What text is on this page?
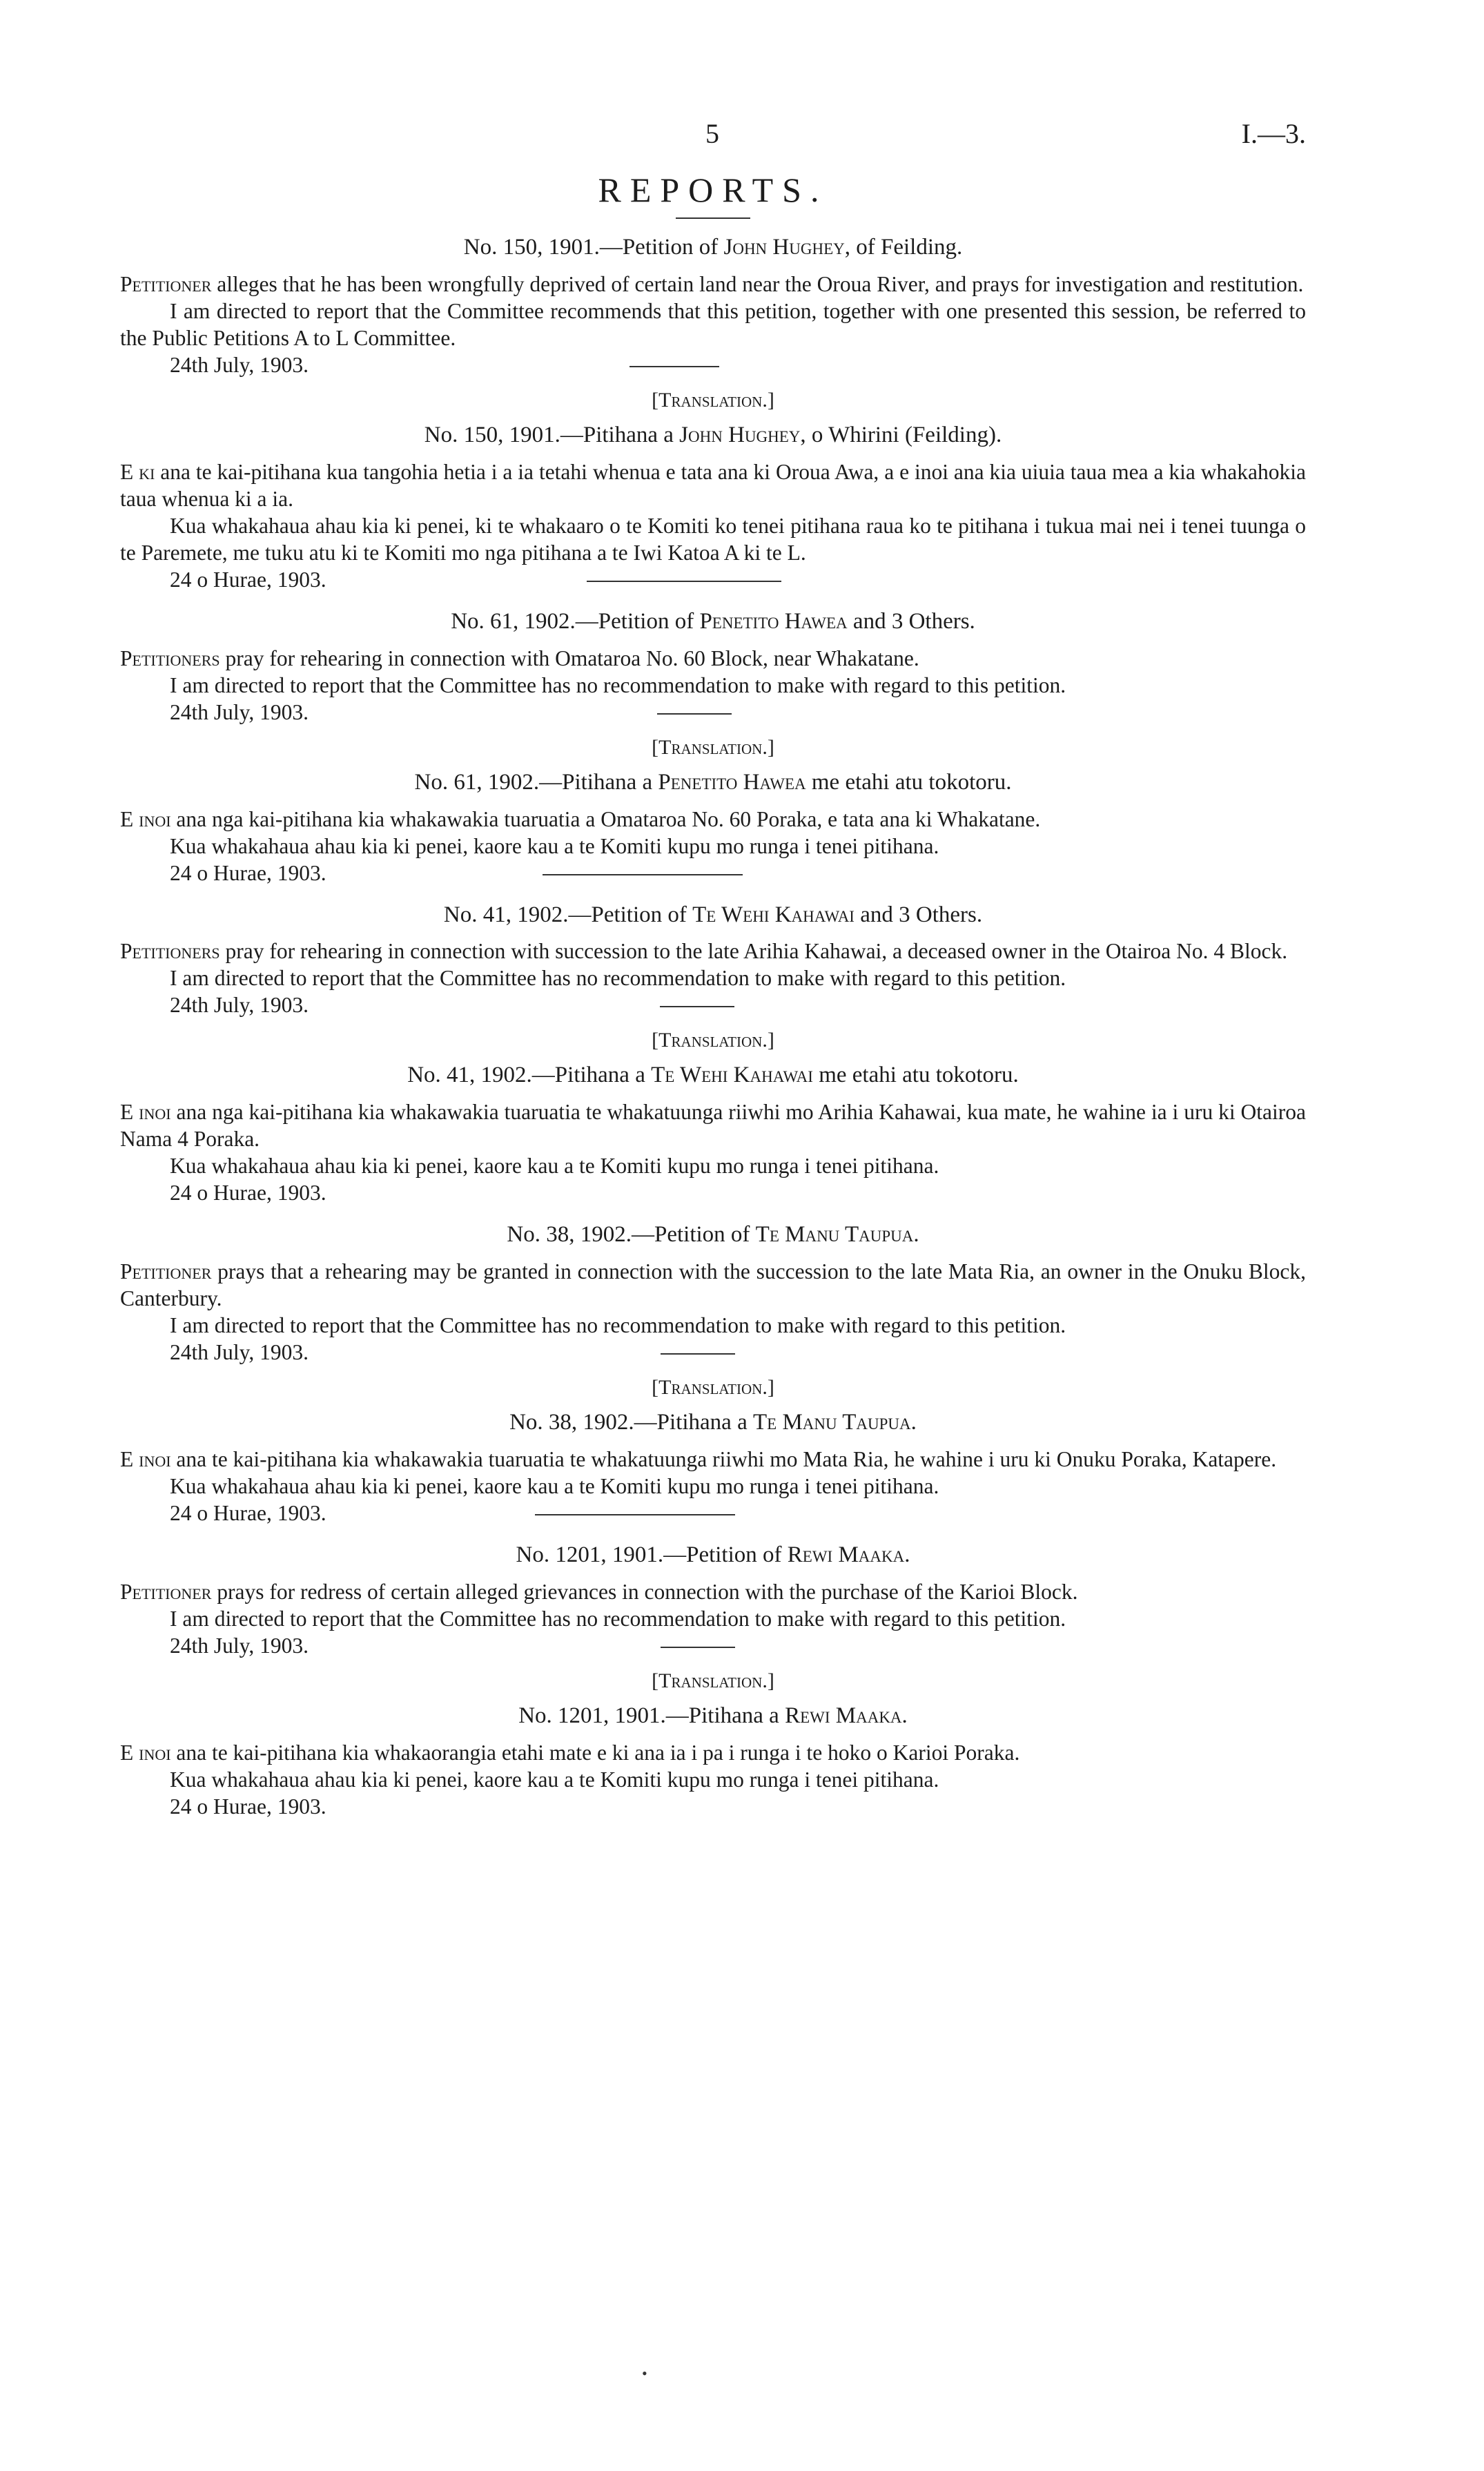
5	I.—3.
REPORTS.
No. 150, 1901.—Petition of John Hughey, of Feilding.

Petitioner alleges that he has been wrongfully deprived of certain land near the Oroua River, and prays for investigation and restitution.

I am directed to report that the Committee recommends that this petition, together with one presented this session, be referred to the Public Petitions A to L Committee.

24th July, 1903.
[Translation.]
No. 150, 1901.—Pitihana a John Hughey, o Whirini (Feilding).

E ki ana te kai-pitihana kua tangohia hetia i a ia tetahi whenua e tata ana ki Oroua Awa, a e inoi ana kia uiuia taua mea a kia whakahokia taua whenua ki a ia.

Kua whakahaua ahau kia ki penei, ki te whakaaro o te Komiti ko tenei pitihana raua ko te pitihana i tukua mai nei i tenei tuunga o te Paremete, me tuku atu ki te Komiti mo nga pitihana a te Iwi Katoa A ki te L.

24 o Hurae, 1903.
No. 61, 1902.—Petition of Penetito Hawea and 3 Others.

Petitioners pray for rehearing in connection with Omataroa No. 60 Block, near Whakatane.

I am directed to report that the Committee has no recommendation to make with regard to this petition.

24th July, 1903.
[Translation.]
No. 61, 1902.—Pitihana a Penetito Hawea me etahi atu tokotoru.

E inoi ana nga kai-pitihana kia whakawakia tuaruatia a Omataroa No. 60 Poraka, e tata ana ki Whakatane.

Kua whakahaua ahau kia ki penei, kaore kau a te Komiti kupu mo runga i tenei pitihana.

24 o Hurae, 1903.
No. 41, 1902.—Petition of Te Wehi Kahawai and 3 Others.

Petitioners pray for rehearing in connection with succession to the late Arihia Kahawai, a deceased owner in the Otairoa No. 4 Block.

I am directed to report that the Committee has no recommendation to make with regard to this petition.

24th July, 1903.
[Translation.]
No. 41, 1902.—Pitihana a Te Wehi Kahawai me etahi atu tokotoru.

E inoi ana nga kai-pitihana kia whakawakia tuaruatia te whakatuunga riiwhi mo Arihia Kahawai, kua mate, he wahine ia i uru ki Otairoa Nama 4 Poraka.

Kua whakahaua ahau kia ki penei, kaore kau a te Komiti kupu mo runga i tenei pitihana.

24 o Hurae, 1903.
No. 38, 1902.—Petition of Te Manu Taupua.

Petitioner prays that a rehearing may be granted in connection with the succession to the late Mata Ria, an owner in the Onuku Block, Canterbury.

I am directed to report that the Committee has no recommendation to make with regard to this petition.

24th July, 1903.
[Translation.]
No. 38, 1902.—Pitihana a Te Manu Taupua.

E inoi ana te kai-pitihana kia whakawakia tuaruatia te whakatuunga riiwhi mo Mata Ria, he wahine i uru ki Onuku Poraka, Katapere.

Kua whakahaua ahau kia ki penei, kaore kau a te Komiti kupu mo runga i tenei pitihana.

24 o Hurae, 1903.
No. 1201, 1901.—Petition of Rewi Maaka.

Petitioner prays for redress of certain alleged grievances in connection with the purchase of the Karioi Block.

I am directed to report that the Committee has no recommendation to make with regard to this petition.

24th July, 1903.
[Translation.]
No. 1201, 1901.—Pitihana a Rewi Maaka.

E inoi ana te kai-pitihana kia whakaorangia etahi mate e ki ana ia i pa i runga i te hoko o Karioi Poraka.

Kua whakahaua ahau kia ki penei, kaore kau a te Komiti kupu mo runga i tenei pitihana.

24 o Hurae, 1903.
•
